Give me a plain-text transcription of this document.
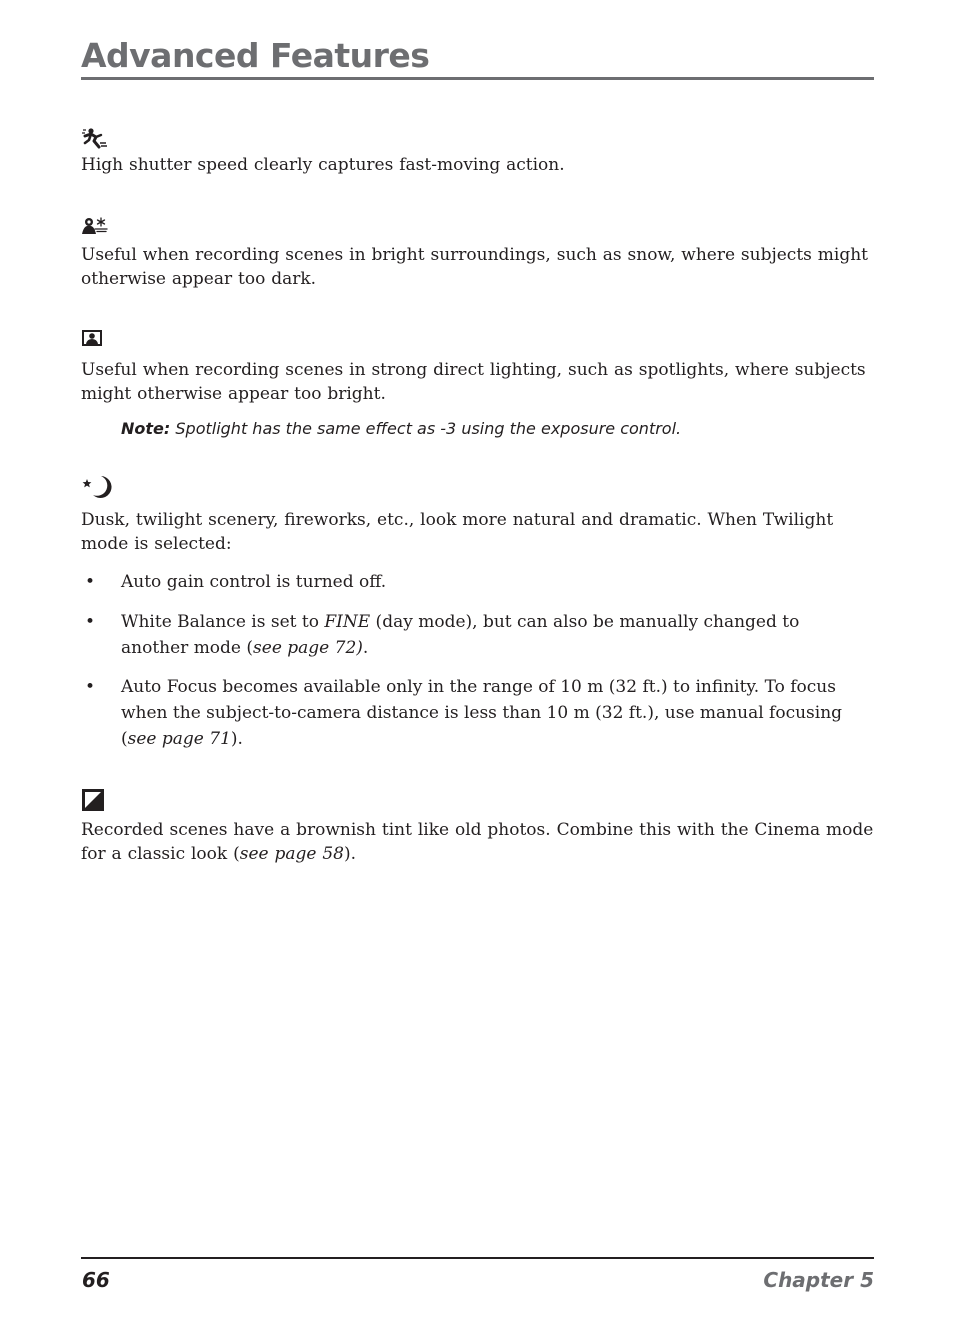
Advanced Features

High shutter speed clearly captures fast-moving action.

Useful when recording scenes in bright surroundings, such as snow, where subjects might otherwise appear too dark.

Useful when recording scenes in strong direct lighting, such as spotlights, where subjects might otherwise appear too bright.

Note: Spotlight has the same effect as -3 using the exposure control.

Dusk, twilight scenery, fireworks, etc., look more natural and dramatic. When Twilight mode is selected:

• Auto gain control is turned off.

• White Balance is set to FINE (day mode), but can also be manually changed to another mode (see page 72).

• Auto Focus becomes available only in the range of 10 m (32 ft.) to infinity. To focus when the subject-to-camera distance is less than 10 m (32 ft.), use manual focusing (see page 71).

Recorded scenes have a brownish tint like old photos. Combine this with the Cinema mode for a classic look (see page 58).

66	Chapter 5
